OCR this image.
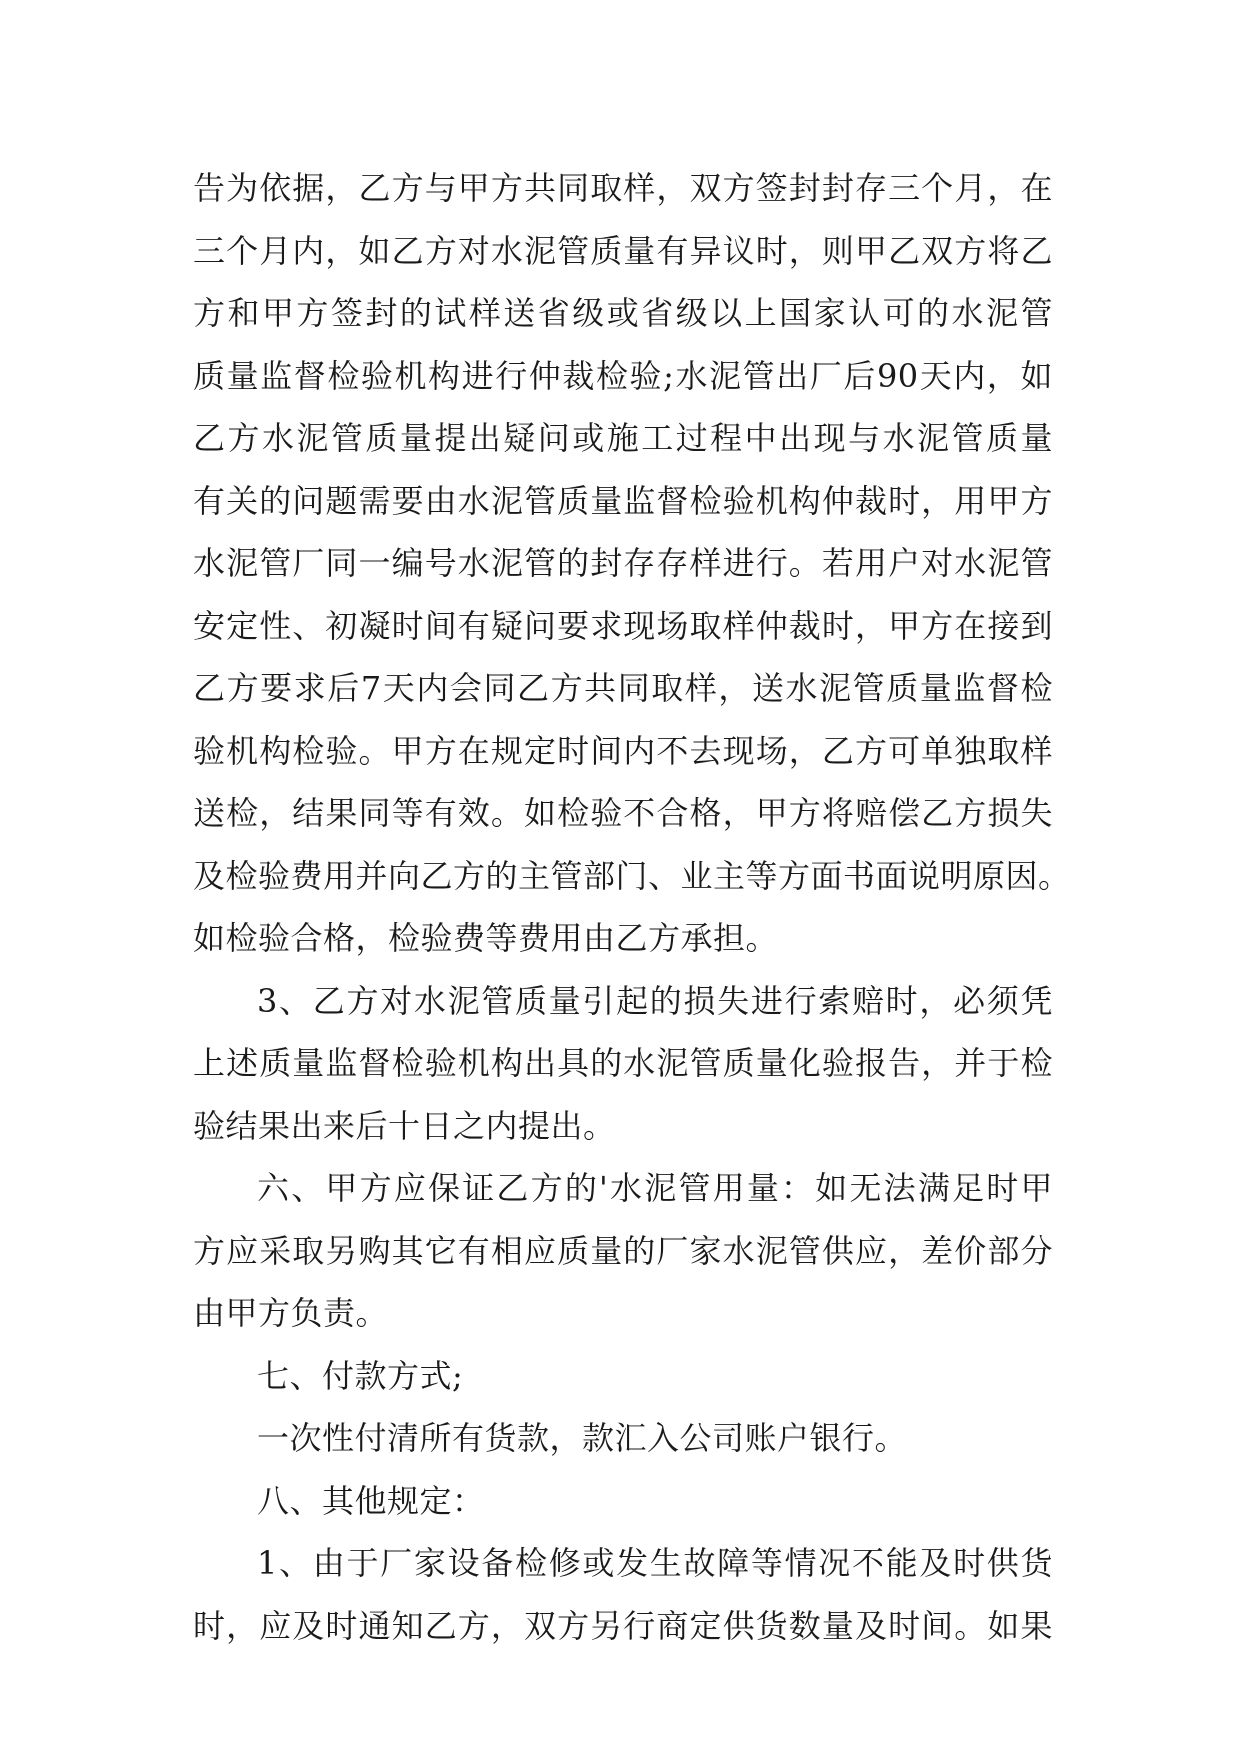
告为依据，乙方与甲方共同取样，双方签封封存三个月，在
三个月内，如乙方对水泥管质量有异议时，则甲乙双方将乙
方和甲方签封的试样送省级或省级以上国家认可的水泥管
质量监督检验机构进行仲裁检验;水泥管出厂后90天内，如
乙方水泥管质量提出疑问或施工过程中出现与水泥管质量
有关的问题需要由水泥管质量监督检验机构仲裁时，用甲方
水泥管厂同一编号水泥管的封存存样进行。若用户对水泥管
安定性、初凝时间有疑问要求现场取样仲裁时，甲方在接到
乙方要求后7天内会同乙方共同取样，送水泥管质量监督检
验机构检验。甲方在规定时间内不去现场，乙方可单独取样
送检，结果同等有效。如检验不合格，甲方将赔偿乙方损失
及检验费用并向乙方的主管部门、业主等方面书面说明原因。
如检验合格，检验费等费用由乙方承担。
3、乙方对水泥管质量引起的损失进行索赔时，必须凭
上述质量监督检验机构出具的水泥管质量化验报告，并于检
验结果出来后十日之内提出。
六、甲方应保证乙方的'水泥管用量：如无法满足时甲
方应采取另购其它有相应质量的厂家水泥管供应，差价部分
由甲方负责。
七、付款方式;
一次性付清所有货款，款汇入公司账户银行。
八、其他规定：
1、由于厂家设备检修或发生故障等情况不能及时供货
时，应及时通知乙方，双方另行商定供货数量及时间。如果
